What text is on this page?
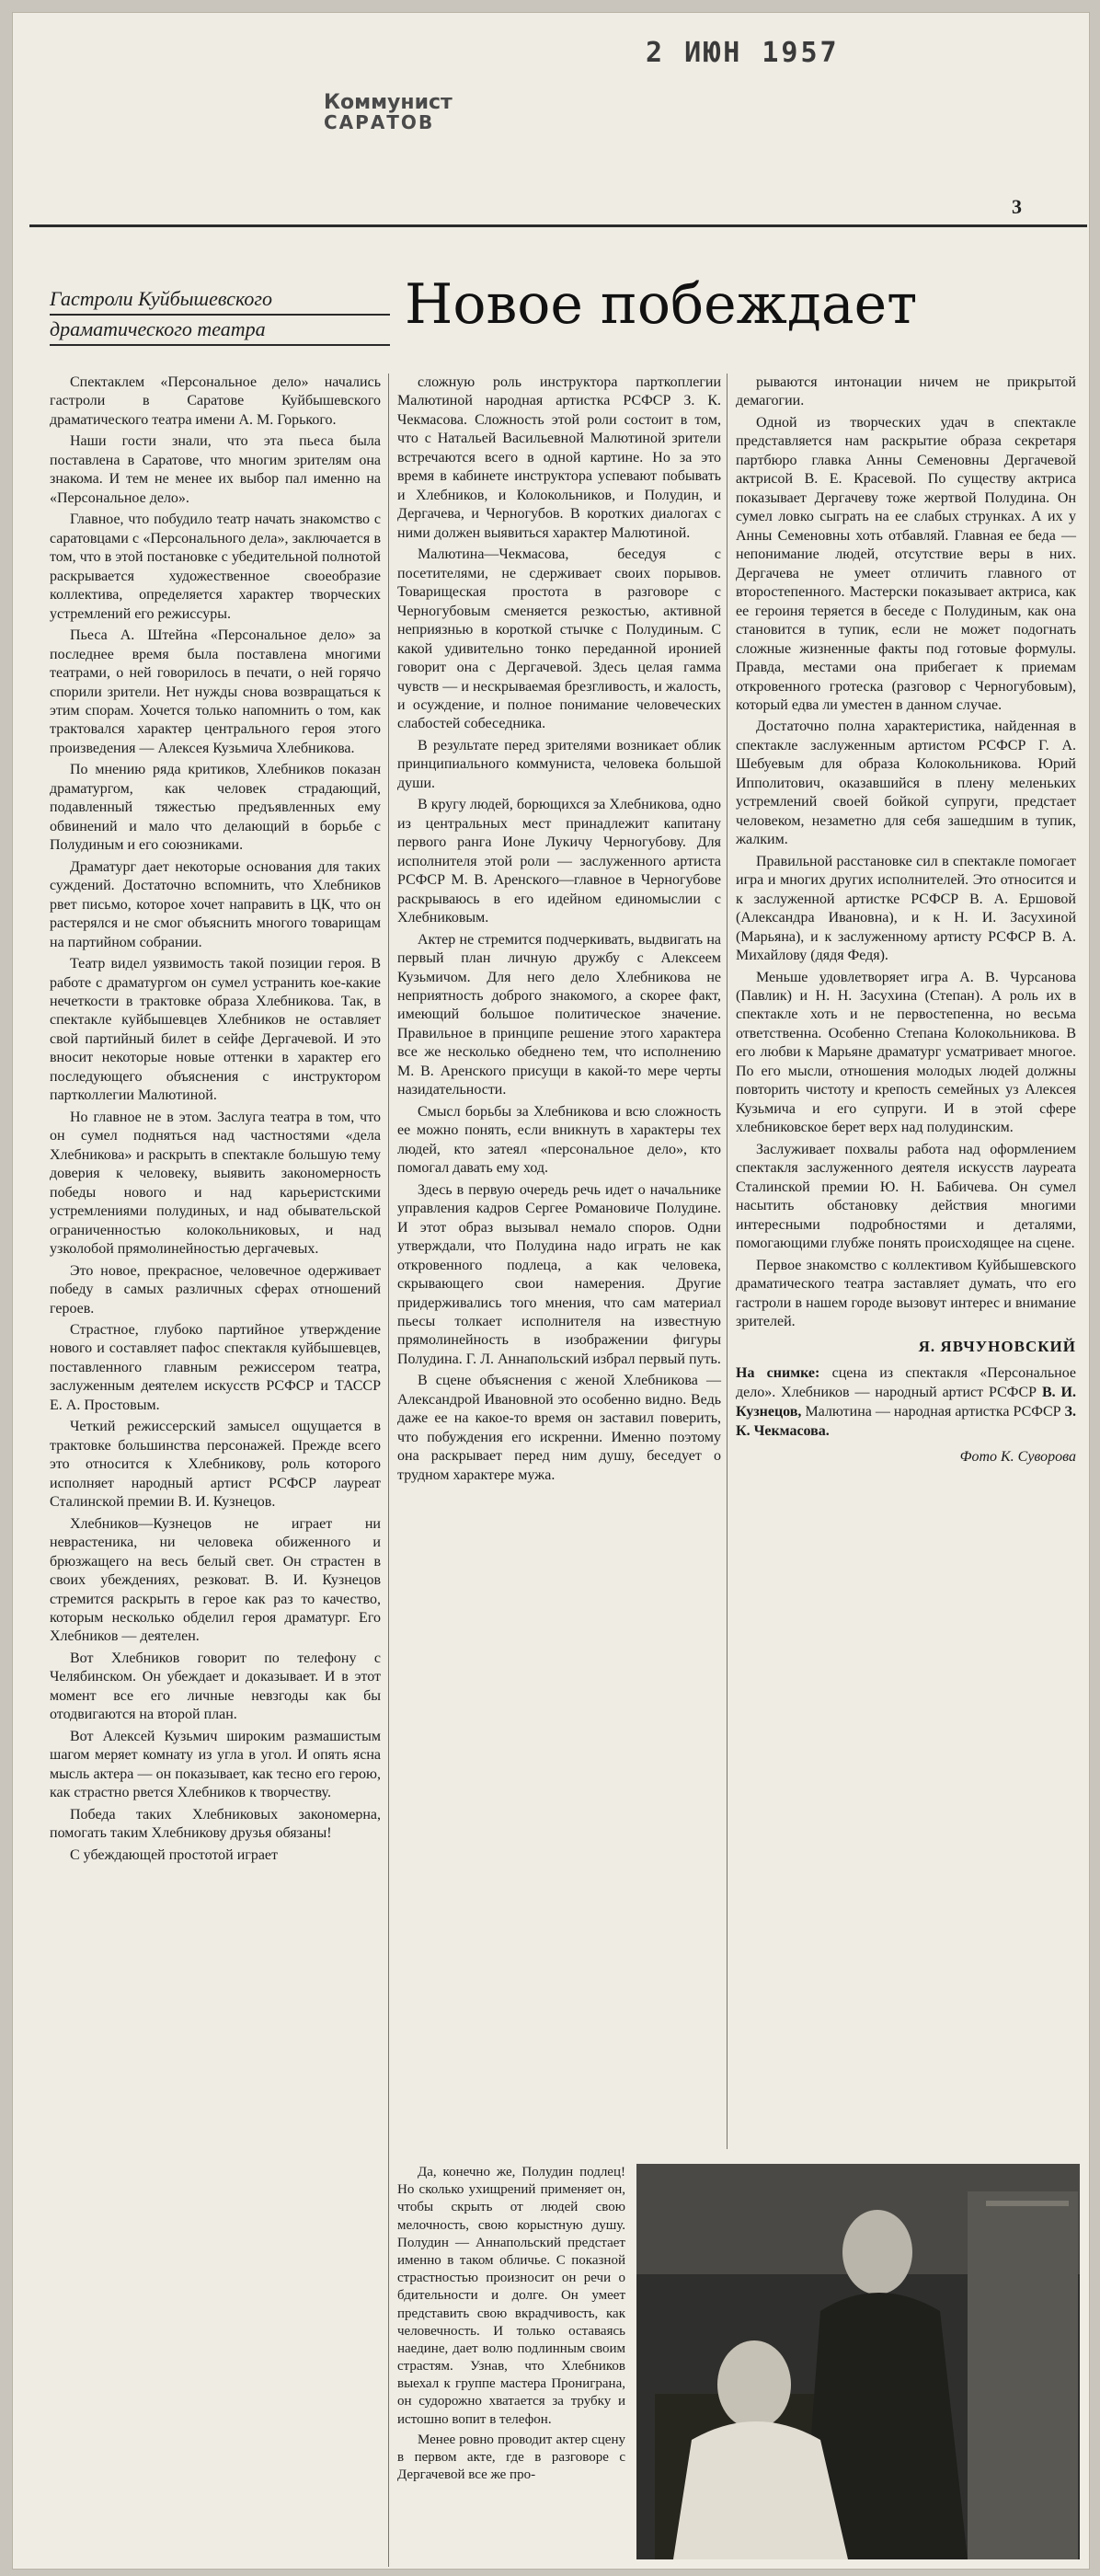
2 ИЮН 1957
Коммунист
САРАТОВ
3
Гастроли Куйбышевского
драматического театра	Новое побеждает

Спектаклем «Персональное дело» начались гастроли в Саратове Куйбышевского драматического театра имени А. М. Горького.

Наши гости знали, что эта пьеса была поставлена в Саратове, что многим зрителям она знакома. И тем не менее их выбор пал именно на «Персональное дело».

Главное, что побудило театр начать знакомство с саратовцами с «Персонального дела», заключается в том, что в этой постановке с убедительной полнотой раскрывается художественное своеобразие коллектива, определяется характер творческих устремлений его режиссуры.

Пьеса А. Штейна «Персональное дело» за последнее время была поставлена многими театрами, о ней говорилось в печати, о ней горячо спорили зрители. Нет нужды снова возвращаться к этим спорам. Хочется только напомнить о том, как трактовался характер центрального героя этого произведения — Алексея Кузьмича Хлебникова.

По мнению ряда критиков, Хлебников показан драматургом, как человек страдающий, подавленный тяжестью предъявленных ему обвинений и мало что делающий в борьбе с Полудиным и его союзниками.

Драматург дает некоторые основания для таких суждений. Достаточно вспомнить, что Хлебников рвет письмо, которое хочет направить в ЦК, что он растерялся и не смог объяснить многого товарищам на партийном собрании.

Театр видел уязвимость такой позиции героя. В работе с драматургом он сумел устранить кое-какие нечеткости в трактовке образа Хлебникова. Так, в спектакле куйбышевцев Хлебников не оставляет свой партийный билет в сейфе Дергачевой. И это вносит некоторые новые оттенки в характер его последующего объяснения с инструктором партколлегии Малютиной.

Но главное не в этом. Заслуга театра в том, что он сумел подняться над частностями «дела Хлебникова» и раскрыть в спектакле большую тему доверия к человеку, выявить закономерность победы нового и над карьеристскими устремлениями полудиных, и над обывательской ограниченностью колокольниковых, и над узколобой прямолинейностью дергачевых.

Это новое, прекрасное, человечное одерживает победу в самых различных сферах отношений героев.

Страстное, глубоко партийное утверждение нового и составляет пафос спектакля куйбышевцев, поставленного главным режиссером театра, заслуженным деятелем искусств РСФСР и ТАССР Е. А. Простовым.

Четкий режиссерский замысел ощущается в трактовке большинства персонажей. Прежде всего это относится к Хлебникову, роль которого исполняет народный артист РСФСР лауреат Сталинской премии В. И. Кузнецов.

Хлебников—Кузнецов не играет ни неврастеника, ни человека обиженного и брюзжащего на весь белый свет. Он страстен в своих убеждениях, резковат. В. И. Кузнецов стремится раскрыть в герое как раз то качество, которым несколько обделил героя драматург. Его Хлебников — деятелен.

Вот Хлебников говорит по телефону с Челябинском. Он убеждает и доказывает. И в этот момент все его личные невзгоды как бы отодвигаются на второй план.

Вот Алексей Кузьмич широким размашистым шагом меряет комнату из угла в угол. И опять ясна мысль актера — он показывает, как тесно его герою, как страстно рвется Хлебников к творчеству.

Победа таких Хлебниковых закономерна, помогать таким Хлебникову друзья обязаны!

С убеждающей простотой играет

сложную роль инструктора парткоплегии Малютиной народная артистка РСФСР З. К. Чекмасова. Сложность этой роли состоит в том, что с Натальей Васильевной Малютиной зрители встречаются всего в одной картине. Но за это время в кабинете инструктора успевают побывать и Хлебников, и Колокольников, и Полудин, и Дергачева, и Черногубов. В коротких диалогах с ними должен выявиться характер Малютиной.

Малютина—Чекмасова, беседуя с посетителями, не сдерживает своих порывов. Товарищеская простота в разговоре с Черногубовым сменяется резкостью, активной неприязнью в короткой стычке с Полудиным. С какой удивительно тонко переданной иронией говорит она с Дергачевой. Здесь целая гамма чувств — и нескрываемая брезгливость, и жалость, и осуждение, и полное понимание человеческих слабостей собеседника.

В результате перед зрителями возникает облик принципиального коммуниста, человека большой души.

В кругу людей, борющихся за Хлебникова, одно из центральных мест принадлежит капитану первого ранга Ионе Лукичу Черногубову. Для исполнителя этой роли — заслуженного артиста РСФСР М. В. Аренского—главное в Черногубове раскрываюсь в его идейном единомыслии с Хлебниковым.

Актер не стремится подчеркивать, выдвигать на первый план личную дружбу с Алексеем Кузьмичом. Для него дело Хлебникова не неприятность доброго знакомого, а скорее факт, имеющий большое политическое значение. Правильное в принципе решение этого характера все же несколько обеднено тем, что исполнению М. В. Аренского присущи в какой-то мере черты назидательности.

Смысл борьбы за Хлебникова и всю сложность ее можно понять, если вникнуть в характеры тех людей, кто затеял «персональное дело», кто помогал давать ему ход.

Здесь в первую очередь речь идет о начальнике управления кадров Сергее Романовиче Полудине. И этот образ вызывал немало споров. Одни утверждали, что Полудина надо играть не как откровенного подлеца, а как человека, скрывающего свои намерения. Другие придерживались того мнения, что сам материал пьесы толкает исполнителя на известную прямолинейность в изображении фигуры Полудина. Г. Л. Аннапольский избрал первый путь.

В сцене объяснения с женой Хлебникова — Александрой Ивановной это особенно видно. Ведь даже ее на какое-то время он заставил поверить, что побуждения его искренни. Именно поэтому она раскрывает перед ним душу, беседует о трудном характере мужа.

рываются интонации ничем не прикрытой демагогии.

Одной из творческих удач в спектакле представляется нам раскрытие образа секретаря партбюро главка Анны Семеновны Дергачевой актрисой В. Е. Красевой. По существу актриса показывает Дергачеву тоже жертвой Полудина. Он сумел ловко сыграть на ее слабых струнках. А их у Анны Семеновны хоть отбавляй. Главная ее беда — непонимание людей, отсутствие веры в них. Дергачева не умеет отличить главного от второстепенного. Мастерски показывает актриса, как ее героиня теряется в беседе с Полудиным, как она становится в тупик, если не может подогнать сложные жизненные факты под готовые формулы. Правда, местами она прибегает к приемам откровенного гротеска (разговор с Черногубовым), который едва ли уместен в данном случае.

Достаточно полна характеристика, найденная в спектакле заслуженным артистом РСФСР Г. А. Шебуевым для образа Колокольникова. Юрий Ипполитович, оказавшийся в плену меленьких устремлений своей бойкой супруги, предстает человеком, незаметно для себя зашедшим в тупик, жалким.

Правильной расстановке сил в спектакле помогает игра и многих других исполнителей. Это относится и к заслуженной артистке РСФСР В. А. Ершовой (Александра Ивановна), и к Н. И. Засухиной (Марьяна), и к заслуженному артисту РСФСР В. А. Михайлову (дядя Федя).

Меньше удовлетворяет игра А. В. Чурсанова (Павлик) и Н. Н. Засухина (Степан). А роль их в спектакле хоть и не первостепенна, но весьма ответственна. Особенно Степана Колокольникова. В его любви к Марьяне драматург усматривает многое. По его мысли, отношения молодых людей должны повторить чистоту и крепость семейных уз Алексея Кузьмича и его супруги. И в этой сфере хлебниковское берет верх над полудинским.

Заслуживает похвалы работа над оформлением спектакля заслуженного деятеля искусств лауреата Сталинской премии Ю. Н. Бабичева. Он сумел насытить обстановку действия многими интересными подробностями и деталями, помогающими глубже понять происходящее на сцене.

Первое знакомство с коллективом Куйбышевского драматического театра заставляет думать, что его гастроли в нашем городе вызовут интерес и внимание зрителей.

Я. ЯВЧУНОВСКИЙ
На снимке: сцена из спектакля «Персональное дело». Хлебников — народный артист РСФСР В. И. Кузнецов, Малютина — народная артистка РСФСР З. К. Чекмасова.
Фото К. Суворова

Да, конечно же, Полудин подлец! Но сколько ухищрений применяет он, чтобы скрыть от людей свою мелочность, свою корыстную душу. Полудин — Аннапольский предстает именно в таком обличье. С показной страстностью произносит он речи о бдительности и долге. Он умеет представить свою вкрадчивость, как человечность. И только оставаясь наедине, дает волю подлинным своим страстям. Узнав, что Хлебников выехал к группе мастера Прониграна, он судорожно хватается за трубку и истошно вопит в телефон.

Менее ровно проводит актер сцену в первом акте, где в разговоре с Дергачевой все же про-
